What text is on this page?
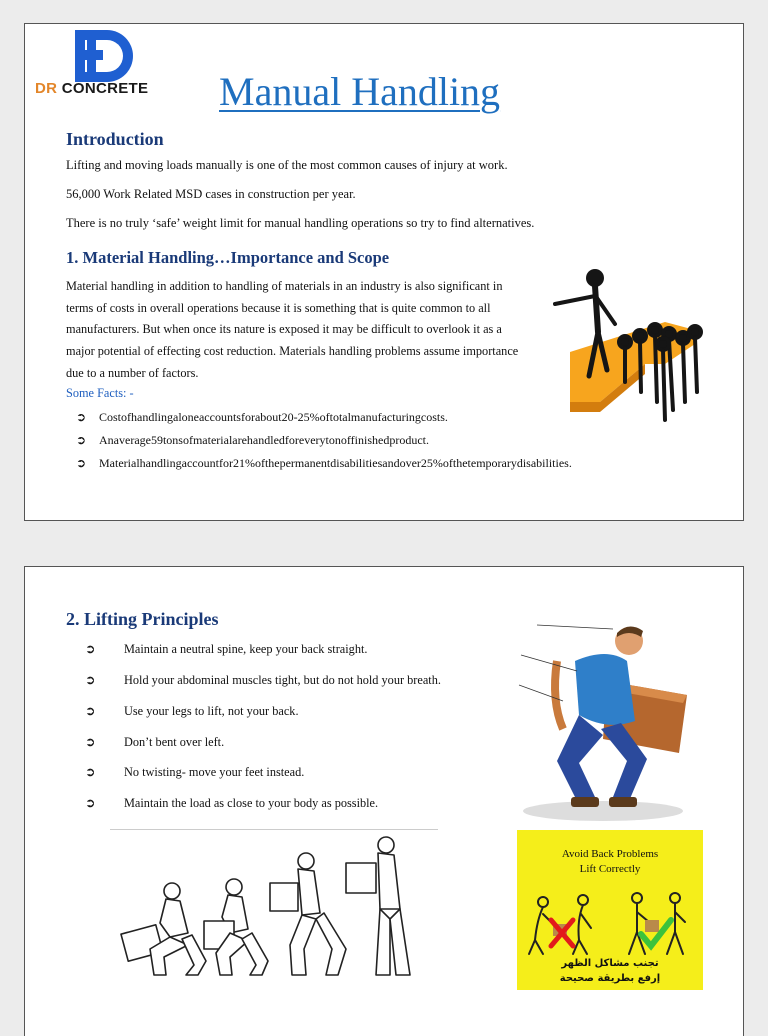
DR CONCRETE Manual Handling
Introduction
Lifting and moving loads manually is one of the most common causes of injury at work.
56,000 Work Related MSD cases in construction per year.
There is no truly ‘safe’ weight limit for manual handling operations so try to find alternatives.
1. Material Handling…Importance and Scope
Material handling in addition to handling of materials in an industry is also significant in terms of costs in overall operations because it is something that is quite common to all manufacturers. But when once its nature is exposed it may be difficult to overlook it as a major potential of effecting cost reduction. Materials handling problems assume importance due to a number of factors.
Some Facts: -
➲ Costofhandlingaloneaccountsforabout20-25%oftotalmanufacturingcosts.
➲ Anaverage59tonsofmaterialarehandledforeverytonoffinishedproduct.
➲ Materialhandlingaccountfor21%ofthepermanentdisabilitiesandover25%ofthetemporarydisabilities.
2. Lifting Principles
➲ Maintain a neutral spine, keep your back straight.
➲ Hold your abdominal muscles tight, but do not hold your breath.
➲ Use your legs to lift, not your back.
➲ Don’t bent over left.
➲ No twisting- move your feet instead.
➲ Maintain the load as close to your body as possible.
Avoid Back Problems
Lift Correctly
تجنب مشاكل الظهر
إرفع بطريقة صحيحة
